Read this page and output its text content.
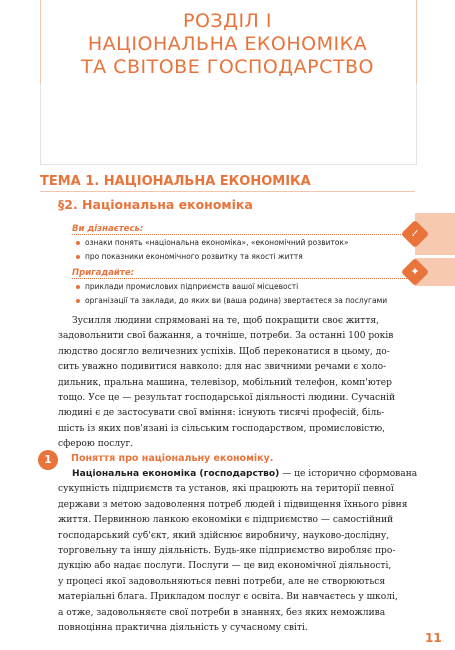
РОЗДІЛ І
НАЦІОНАЛЬНА ЕКОНОМІКА
ТА СВІТОВЕ ГОСПОДАРСТВО
ТЕМА 1. НАЦІОНАЛЬНА ЕКОНОМІКА
§2. Національна економіка
✓
✦
Ви дізнаєтесь:
ознаки понять «національна економіка», «економічний розвиток»
про показники економічного розвитку та якості життя
Пригадайте:
приклади промислових підприємств вашої місцевості
організації та заклади, до яких ви (ваша родина) звертаєтеся за послугами
Зусилля людини спрямовані на те, щоб покращити своє життя,
задовольнити свої бажання, а точніше, потреби. За останні 100 років
людство досягло величезних успіхів. Щоб переконатися в цьому, до-
сить уважно подивитися навколо: для нас звичними речами є холо-
дильник, пральна машина, телевізор, мобільний телефон, комп'ютер
тощо. Усе це — результат господарської діяльності людини. Сучасній
людині є де застосувати свої вміння: існують тисячі професій, біль-
шість із яких пов'язані із сільським господарством, промисловістю,
сферою послуг.
1	Поняття про національну економіку.
Національна економіка (господарство) — це історично сформована
сукупність підприємств та установ, які працюють на території певної
держави з метою задоволення потреб людей і підвищення їхнього рівня
життя. Первинною ланкою економіки є підприємство — самостійний
господарський суб'єкт, який здійснює виробничу, науково-дослідну,
торговельну та іншу діяльність. Будь-яке підприємство виробляє про-
дукцію або надає послуги. Послуги — це вид економічної діяльності,
у процесі якої задовольняються певні потреби, але не створюються
матеріальні блага. Прикладом послуг є освіта. Ви навчаєтесь у школі,
а отже, задовольняєте свої потреби в знаннях, без яких неможлива
повноцінна практична діяльність у сучасному світі.
11
